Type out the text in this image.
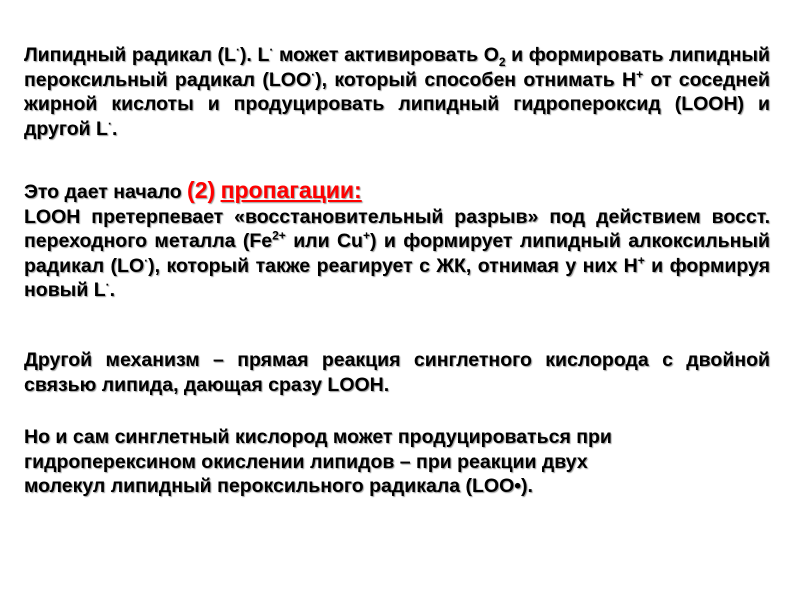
Липидный радикал (L·). L· может активировать $O_2$ и формировать липидный пероксильный радикал (LOO·), который способен отнимать H+ от соседней жирной кислоты и продуцировать липидный гидропероксид (LOOH) и другой L·.

Это дает начало (2) пропагации:

LOOH претерпевает «восстановительный разрыв» под действием восст. переходного металла ($Fe^{2+}$ или Cu+) и формирует липидный алкоксильный радикал (LO·), который также реагирует с ЖК, отнимая у них H+ и формируя новый L·.

Другой механизм – прямая реакция синглетного кислорода с двойной связью липида, дающая сразу LOOH.

Но и сам синглетный кислород может продуцироваться при
гидроперексином окислении липидов – при реакции двух
молекул липидный пероксильного радикала (LOO•).
